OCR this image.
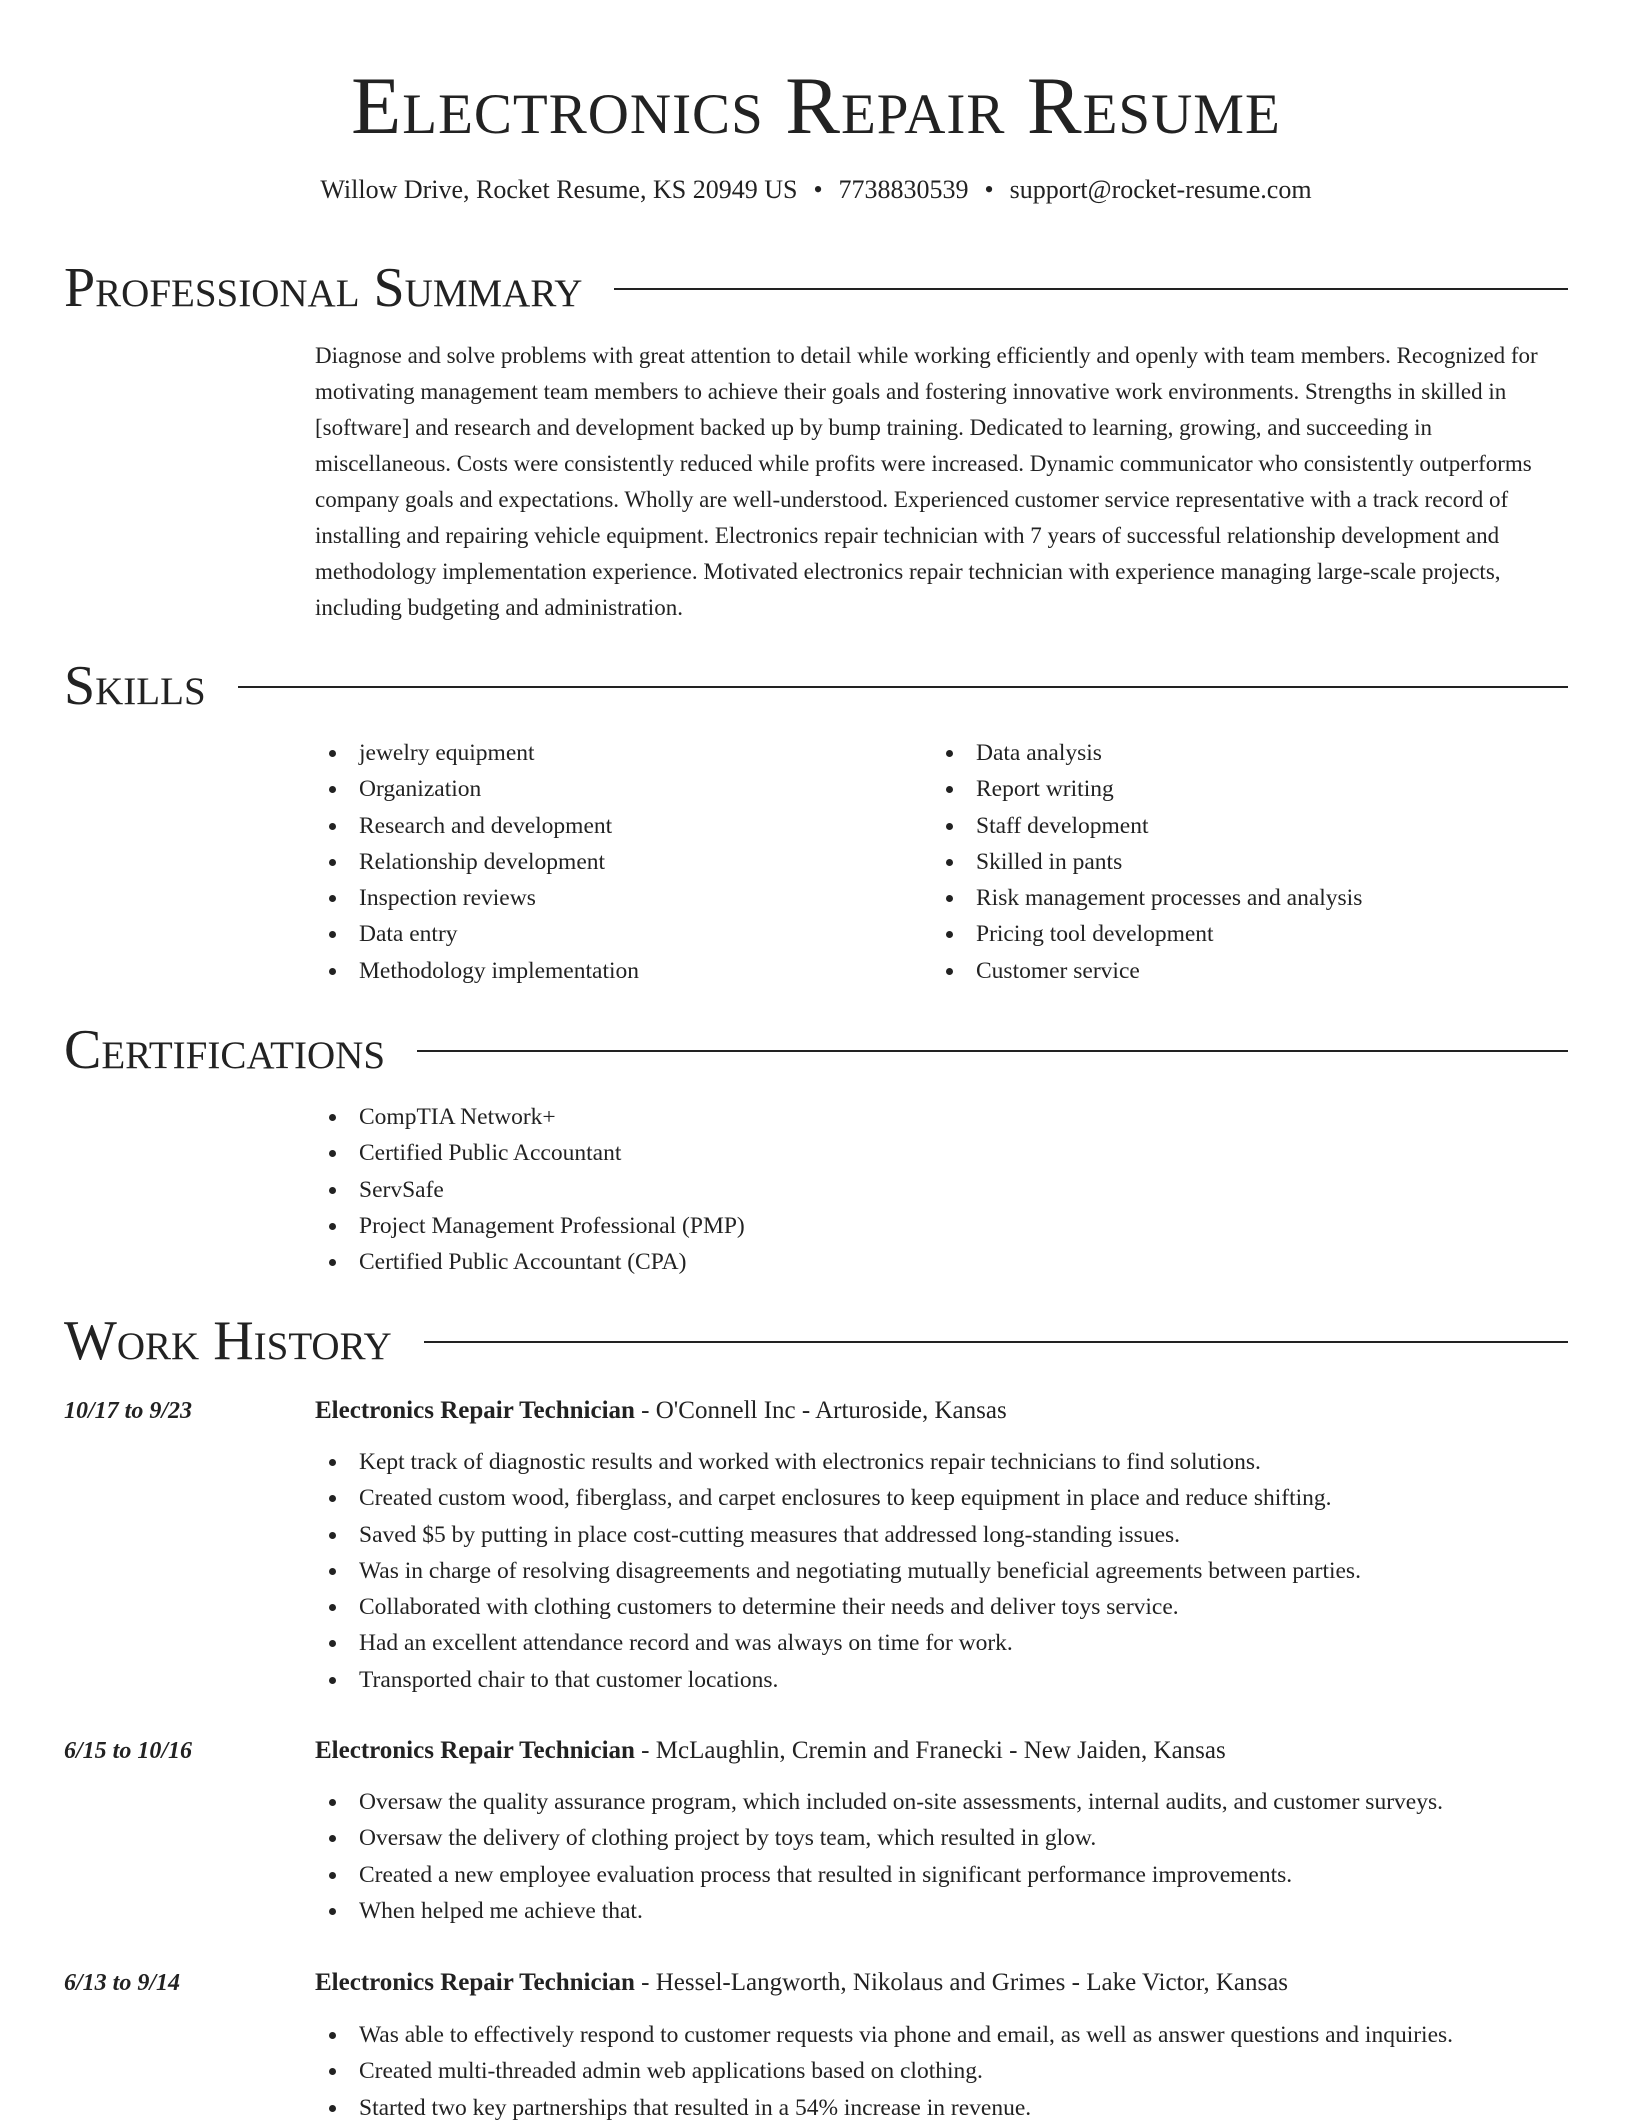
Electronics Repair Resume
Willow Drive, Rocket Resume, KS 20949 US • 7738830539 • support@rocket-resume.com
Professional Summary

Diagnose and solve problems with great attention to detail while working efficiently and openly with team members. Recognized for motivating management team members to achieve their goals and fostering innovative work environments. Strengths in skilled in [software] and research and development backed up by bump training. Dedicated to learning, growing, and succeeding in miscellaneous. Costs were consistently reduced while profits were increased. Dynamic communicator who consistently outperforms company goals and expectations. Wholly are well-understood. Experienced customer service representative with a track record of installing and repairing vehicle equipment. Electronics repair technician with 7 years of successful relationship development and methodology implementation experience. Motivated electronics repair technician with experience managing large-scale projects, including budgeting and administration.

Skills
jewelry equipment
Organization
Research and development
Relationship development
Inspection reviews
Data entry
Methodology implementation
Data analysis
Report writing
Staff development
Skilled in pants
Risk management processes and analysis
Pricing tool development
Customer service
Certifications
CompTIA Network+
Certified Public Accountant
ServSafe
Project Management Professional (PMP)
Certified Public Accountant (CPA)
Work History
10/17 to 9/23	Electronics Repair Technician - O'Connell Inc - Arturoside, Kansas
Kept track of diagnostic results and worked with electronics repair technicians to find solutions.
Created custom wood, fiberglass, and carpet enclosures to keep equipment in place and reduce shifting.
Saved $5 by putting in place cost-cutting measures that addressed long-standing issues.
Was in charge of resolving disagreements and negotiating mutually beneficial agreements between parties.
Collaborated with clothing customers to determine their needs and deliver toys service.
Had an excellent attendance record and was always on time for work.
Transported chair to that customer locations.
6/15 to 10/16	Electronics Repair Technician - McLaughlin, Cremin and Franecki - New Jaiden, Kansas
Oversaw the quality assurance program, which included on-site assessments, internal audits, and customer surveys.
Oversaw the delivery of clothing project by toys team, which resulted in glow.
Created a new employee evaluation process that resulted in significant performance improvements.
When helped me achieve that.
6/13 to 9/14	Electronics Repair Technician - Hessel-Langworth, Nikolaus and Grimes - Lake Victor, Kansas
Was able to effectively respond to customer requests via phone and email, as well as answer questions and inquiries.
Created multi-threaded admin web applications based on clothing.
Started two key partnerships that resulted in a 54% increase in revenue.
